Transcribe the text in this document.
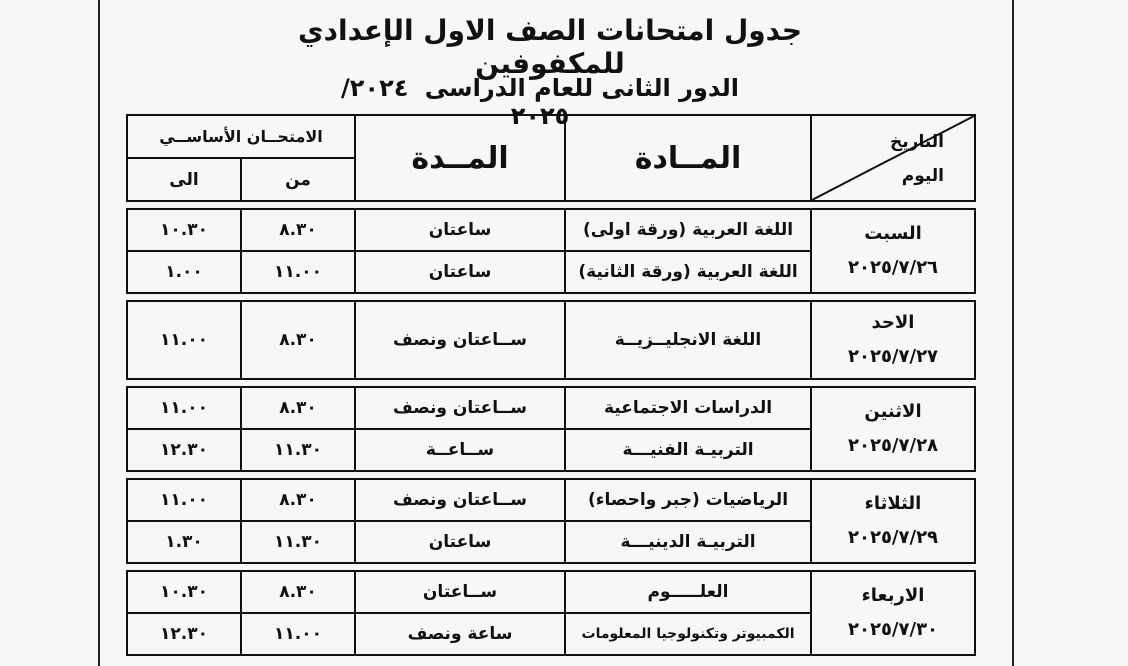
جدول امتحانات الصف الاول الإعدادي للمكفوفين
الدور الثانى للعام الدراسى ٢٠٢٤/ ٢٠٢٥
التاريخ
اليوم	المــادة	المــدة	الامتحــان الأساســي	
			من	الى

السبت
٢٠٢٥/٧/٢٦	اللغة العربية (ورقة اولى)	ساعتان	٨.٣٠	١٠.٣٠
	اللغة العربية (ورقة الثانية)	ساعتان	١١.٠٠	١.٠٠

الاحد
٢٠٢٥/٧/٢٧	اللغة الانجليــزيــة	ســاعتان ونصف	٨.٣٠	١١.٠٠

الاثنين
٢٠٢٥/٧/٢٨	الدراسات الاجتماعية	ســاعتان ونصف	٨.٣٠	١١.٠٠
	التربيـة الفنيـــة	ســاعــة	١١.٣٠	١٢.٣٠

الثلاثاء
٢٠٢٥/٧/٢٩	الرياضيات (جبر واحصاء)	ســاعتان ونصف	٨.٣٠	١١.٠٠
	التربيـة الدينيـــة	ساعتان	١١.٣٠	١.٣٠

الاربعاء
٢٠٢٥/٧/٣٠	العلـــــوم	ســاعتان	٨.٣٠	١٠.٣٠
	الكمبيوتر وتكنولوجيا المعلومات	ساعة ونصف	١١.٠٠	١٢.٣٠
